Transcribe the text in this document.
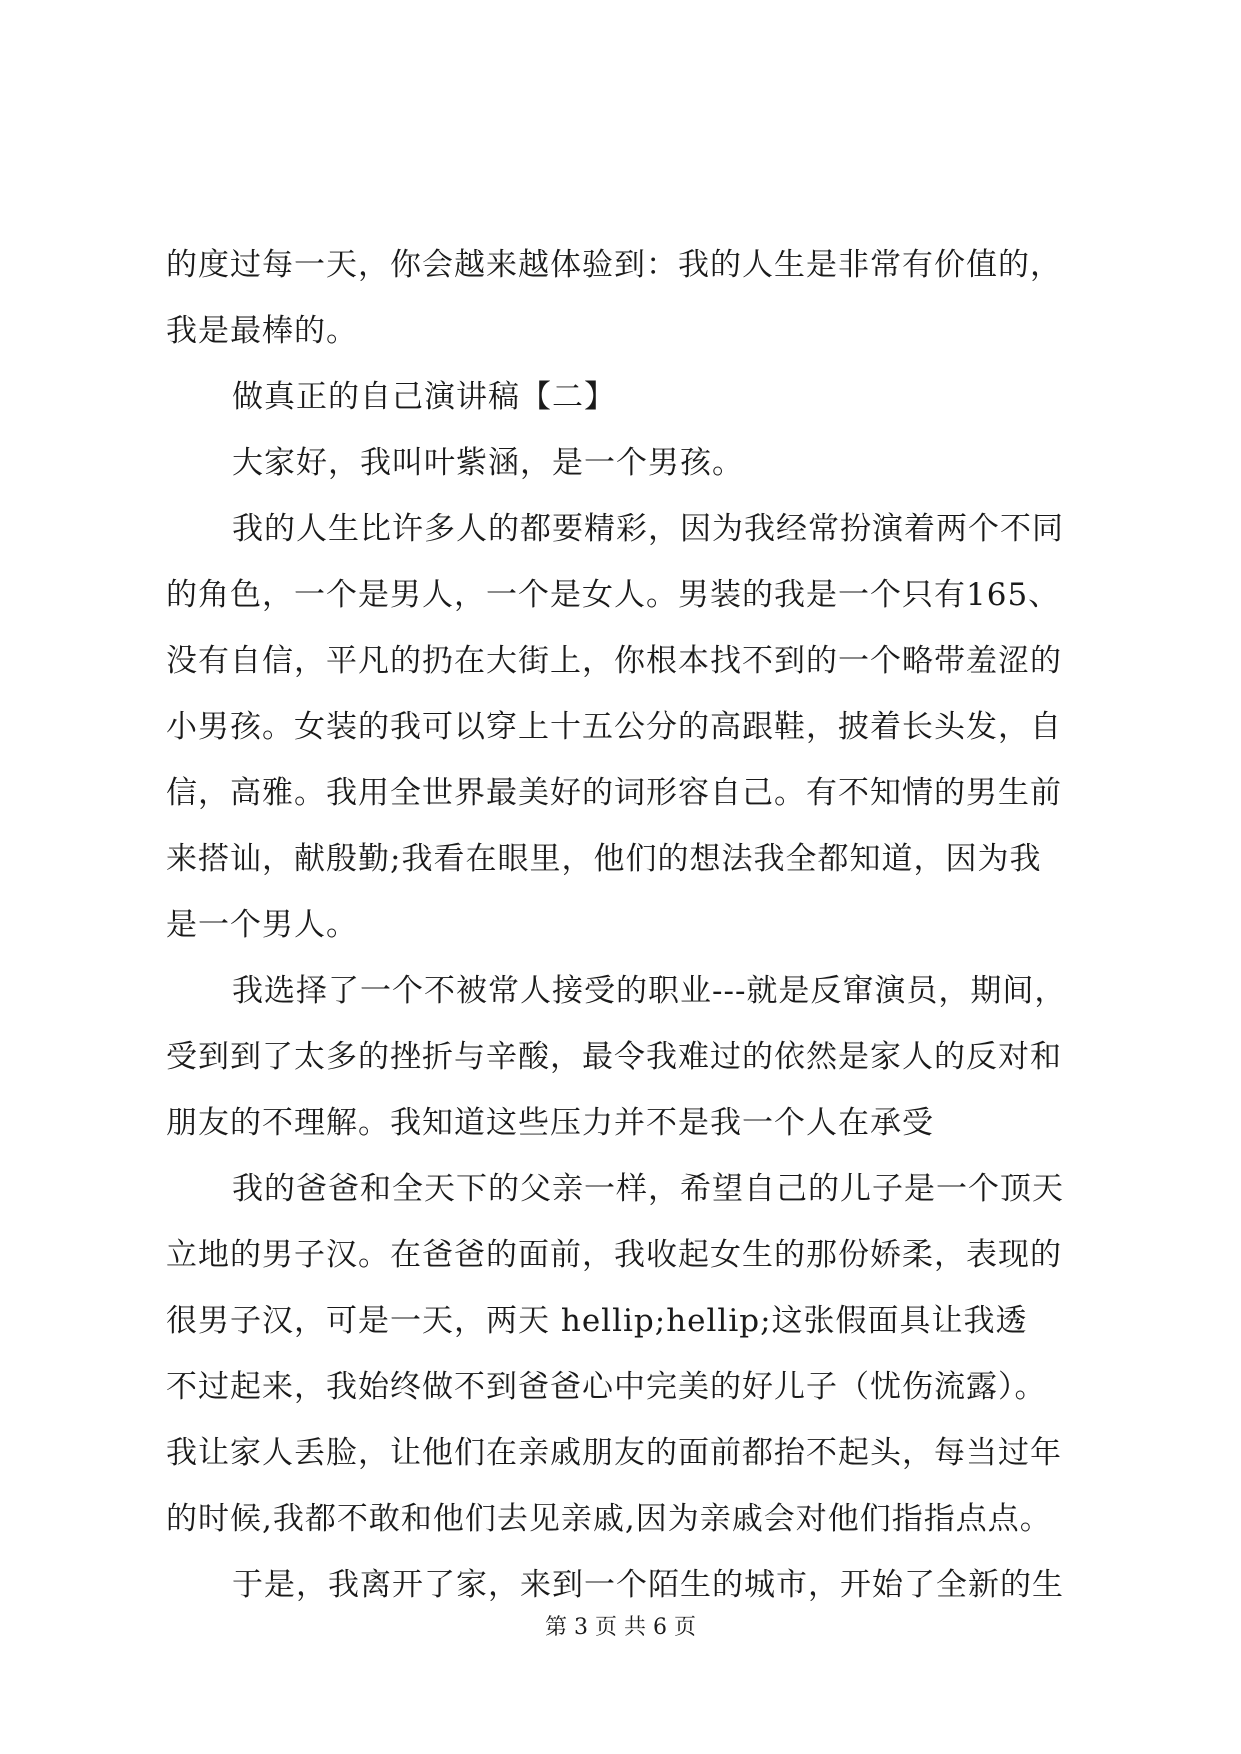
的度过每一天，你会越来越体验到：我的人生是非常有价值的，
我是最棒的。
做真正的自己演讲稿【二】
大家好，我叫叶紫涵，是一个男孩。
我的人生比许多人的都要精彩，因为我经常扮演着两个不同
的角色，一个是男人，一个是女人。男装的我是一个只有165、
没有自信，平凡的扔在大街上，你根本找不到的一个略带羞涩的
小男孩。女装的我可以穿上十五公分的高跟鞋，披着长头发，自
信，高雅。我用全世界最美好的词形容自己。有不知情的男生前
来搭讪，献殷勤;我看在眼里，他们的想法我全都知道，因为我
是一个男人。
我选择了一个不被常人接受的职业---就是反窜演员，期间，
受到到了太多的挫折与辛酸，最令我难过的依然是家人的反对和
朋友的不理解。我知道这些压力并不是我一个人在承受
我的爸爸和全天下的父亲一样，希望自己的儿子是一个顶天
立地的男子汉。在爸爸的面前，我收起女生的那份娇柔，表现的
很男子汉，可是一天，两天 hellip;hellip;这张假面具让我透
不过起来，我始终做不到爸爸心中完美的好儿子（忧伤流露）。
我让家人丢脸，让他们在亲戚朋友的面前都抬不起头，每当过年
的时候,我都不敢和他们去见亲戚,因为亲戚会对他们指指点点。
于是，我离开了家，来到一个陌生的城市，开始了全新的生
第 3 页 共 6 页
